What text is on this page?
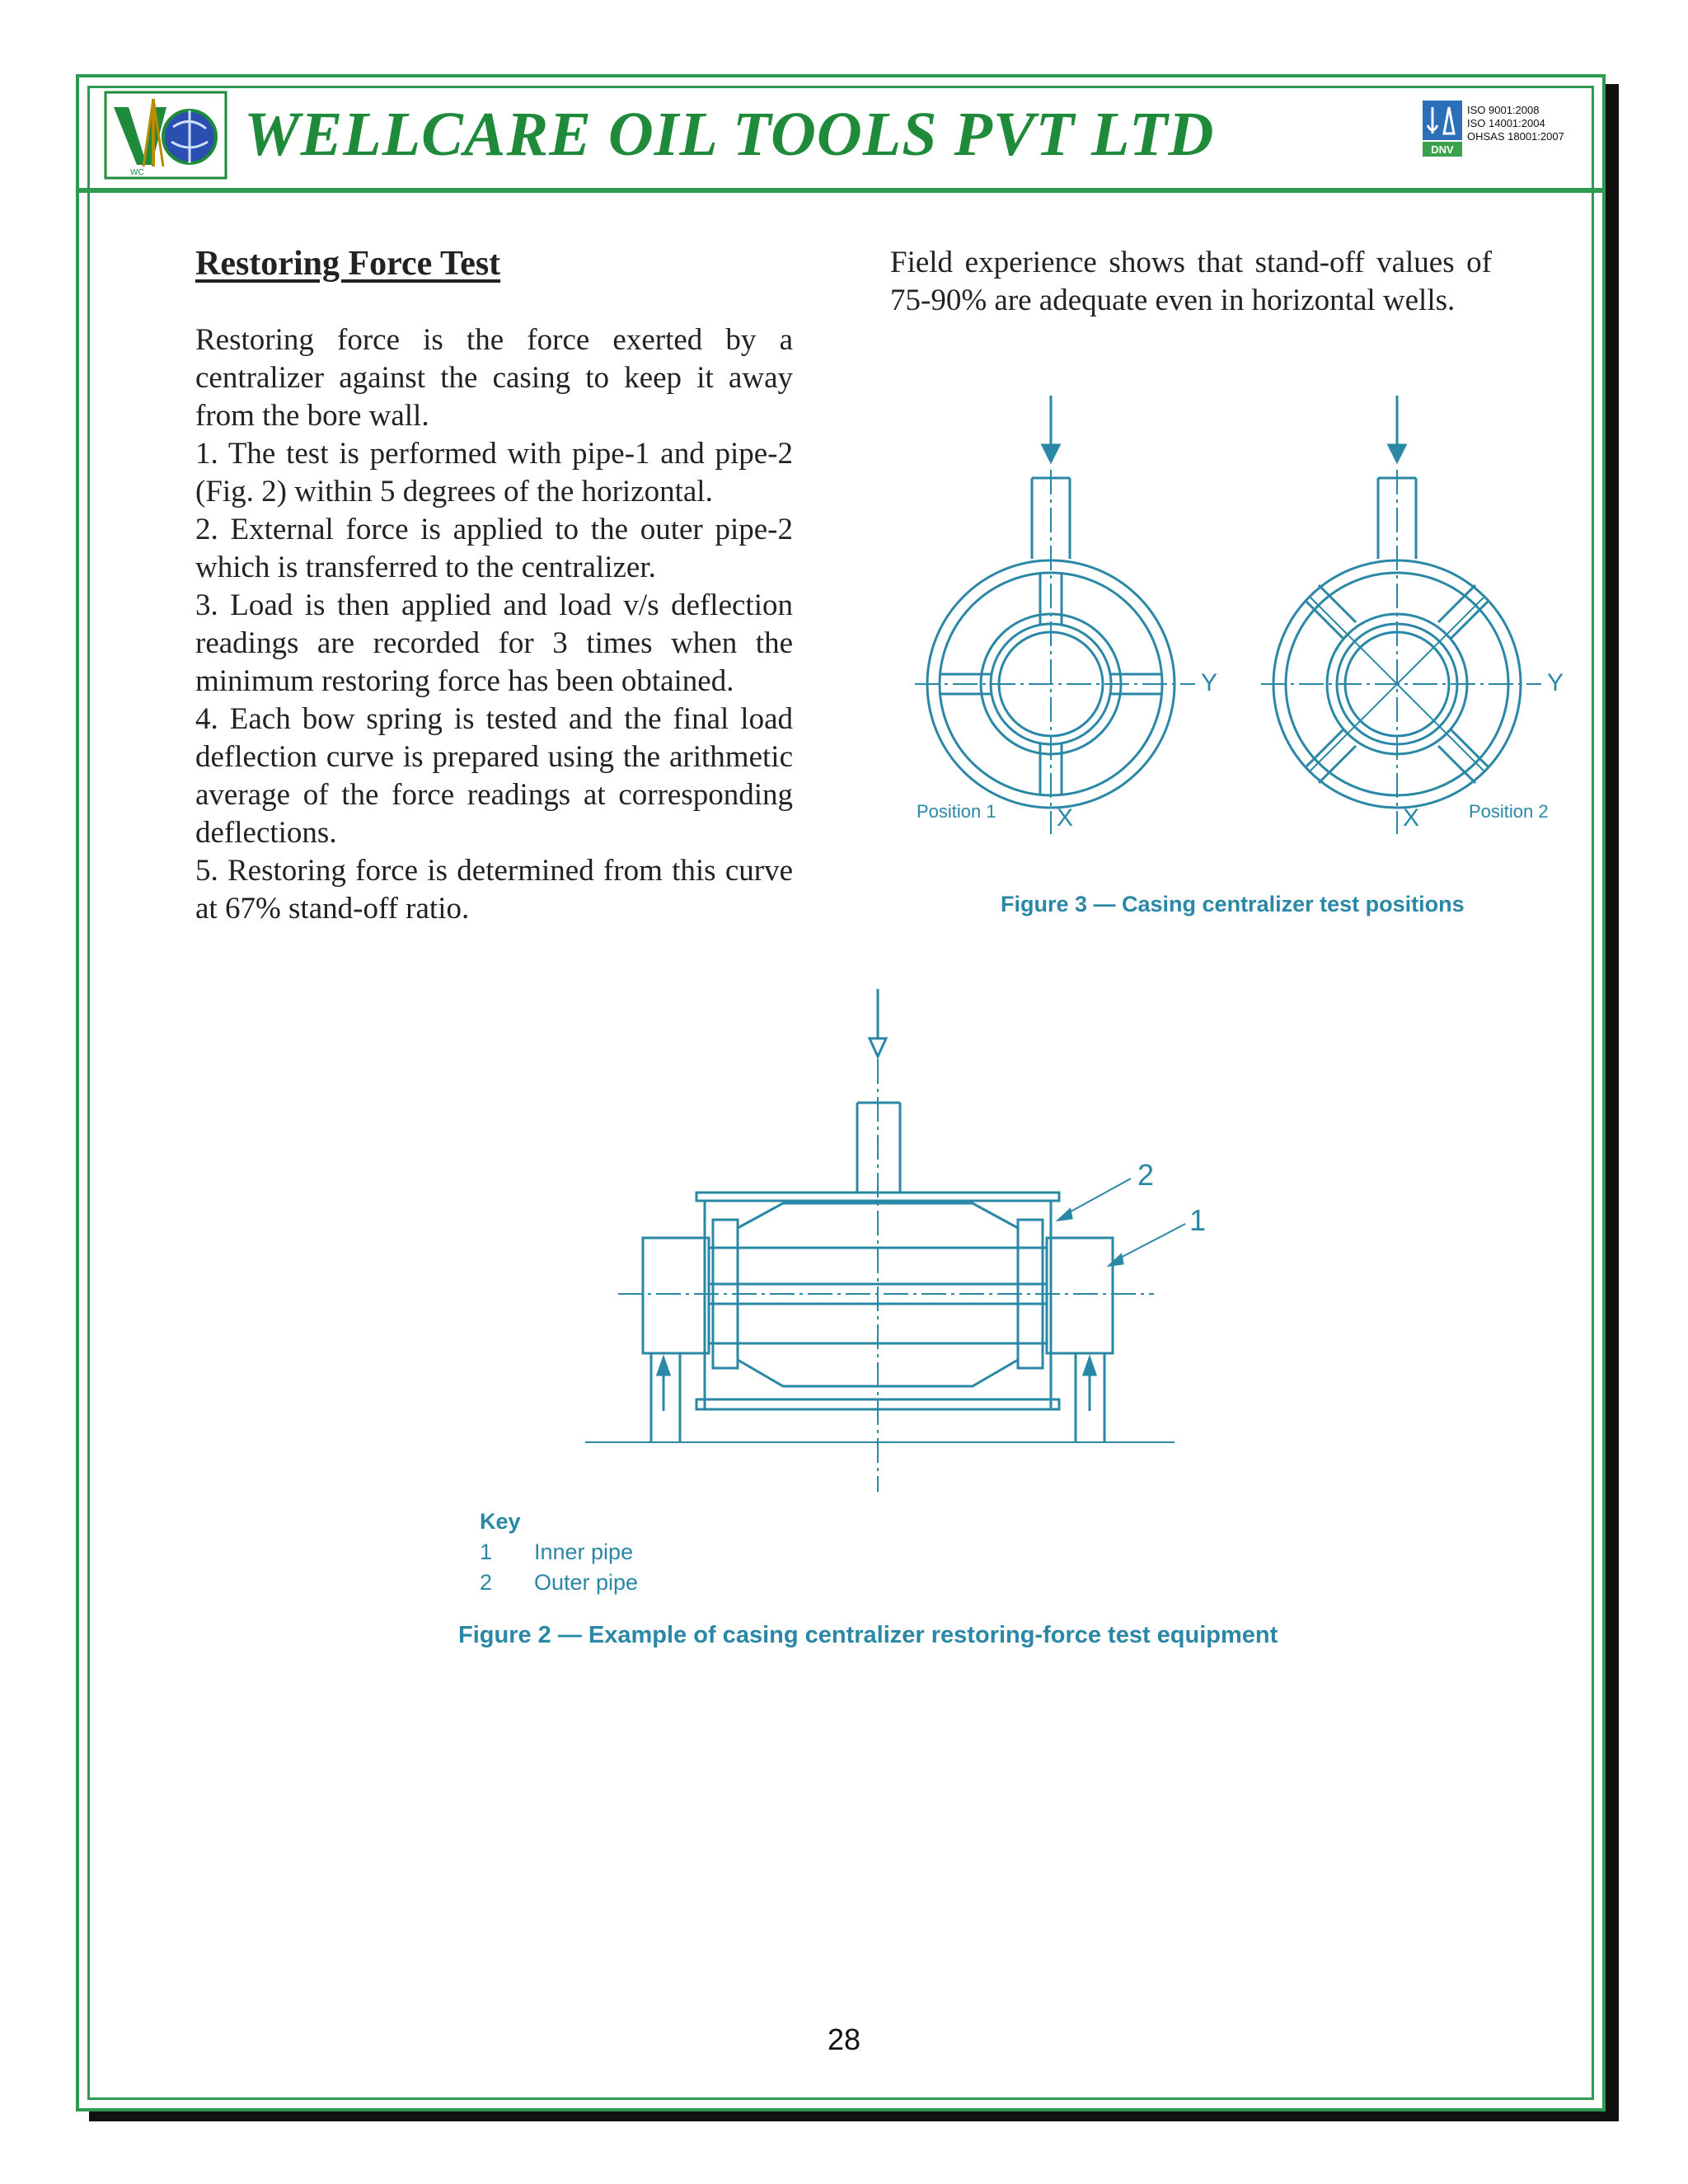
WC
WELLCARE OIL TOOLS PVT LTD	DNV
ISO 9001:2008
ISO 14001:2004
OHSAS 18001:2007
Restoring Force Test

Restoring force is the force exerted by a centralizer against the casing to keep it away from the bore wall.

1. The test is performed with pipe-1 and pipe-2 (Fig. 2) within 5 degrees of the horizontal.

2. External force is applied to the outer pipe-2 which is transferred to the centralizer.

3. Load is then applied and load v/s deflection readings are recorded for 3 times when the minimum restoring force has been obtained.

4. Each bow spring is tested and the final load deflection curve is prepared using the arithmetic average of the force readings at corresponding deflections.

5. Restoring force is determined from this curve at 67% stand-off ratio.

Field experience shows that stand-off values of 75-90% are adequate even in horizontal wells.

Y
X
Position 1
Y
X	Position 2
Figure 3 — Casing centralizer test positions
2
1
Key
1 Inner pipe
2 Outer pipe
Figure 2 — Example of casing centralizer restoring-force test equipment
28
